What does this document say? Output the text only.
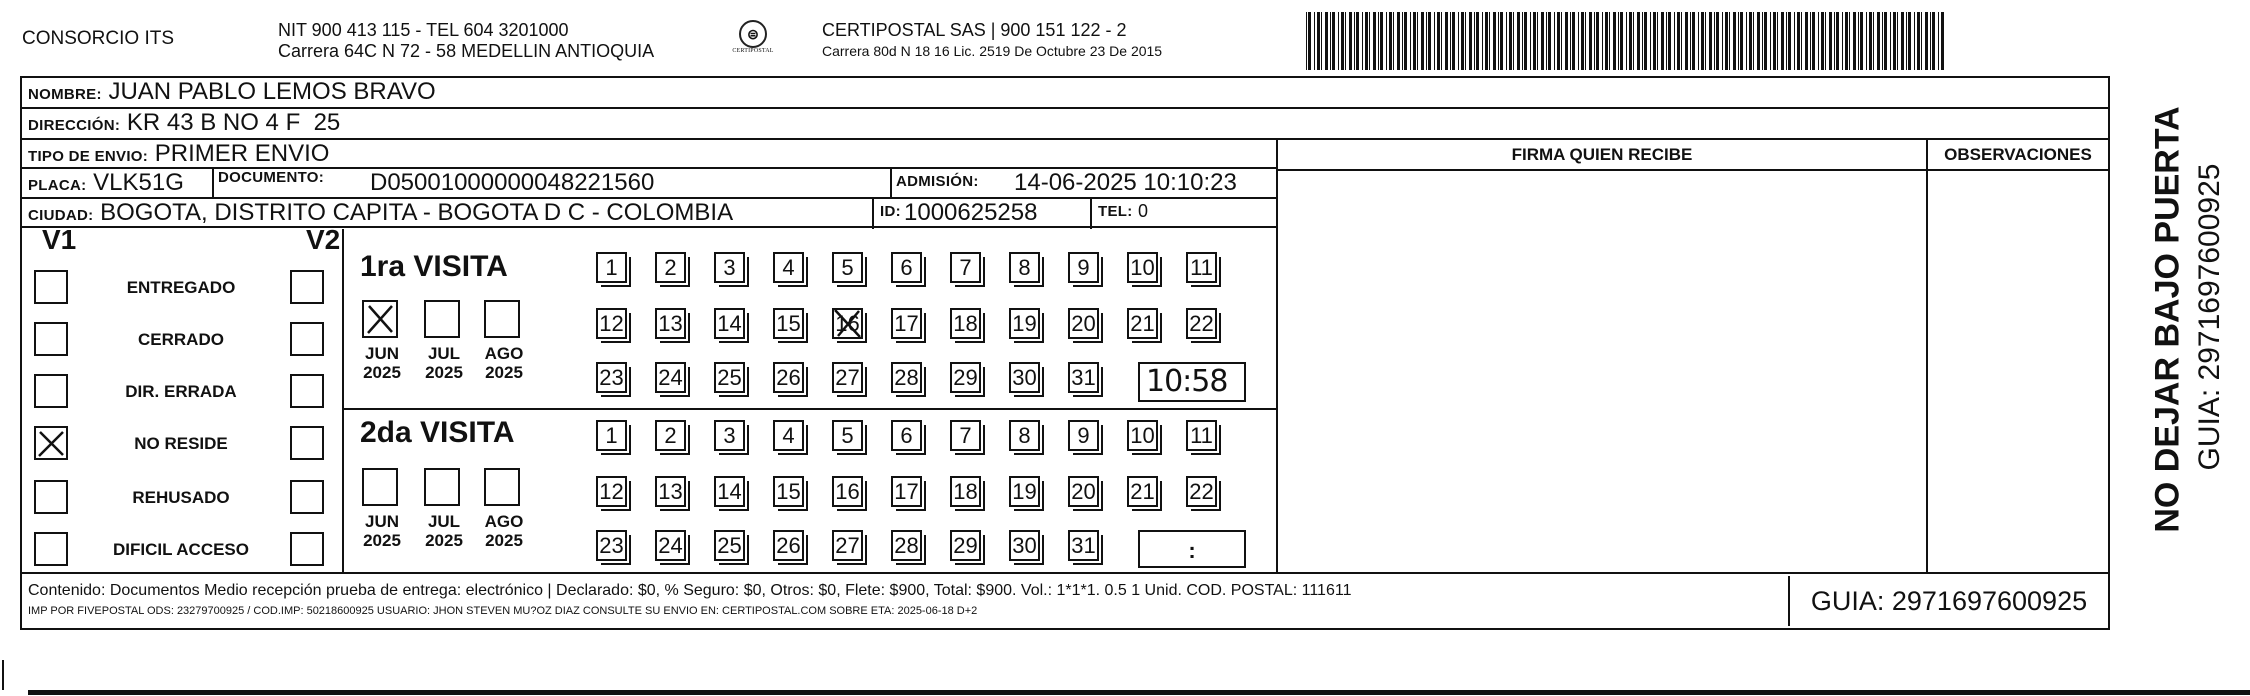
CONSORCIO ITS	NIT 900 413 115 - TEL 604 3201000
Carrera 64C N 72 - 58 MEDELLIN ANTIOQUIA
⊜
CERTIPOSTAL
CERTIPOSTAL SAS | 900 151 122 - 2
Carrera 80d N 18 16 Lic. 2519 De Octubre 23 De 2015
NOMBRE: JUAN PABLO LEMOS BRAVO
DIRECCIÓN: KR 43 B NO 4 F  25
TIPO DE ENVIO: PRIMER ENVIO
PLACA: VLK51G DOCUMENTO: D05001000000048221560	ADMISIÓN: 14-06-2025 10:10:23
CIUDAD: BOGOTA, DISTRITO CAPITA - BOGOTA D C - COLOMBIA	ID: 1000625258	TEL: 0
FIRMA QUIEN RECIBE	OBSERVACIONES
V1	V2
ENTREGADO
CERRADO
DIR. ERRADA
NO RESIDE
REHUSADO
DIFICIL ACCESO
1ra VISITA
JUN
2025
JUL
2025
AGO
2025
1	2	3	4	5	6	7	8	9	10 11
12 13 14 15 16 17 18 19 20 21 22
23 24 25 26 27 28 29 30 31 10:58
2da VISITA
JUN
2025
JUL
2025
AGO
2025
1	2	3	4	5	6	7	8	9	10 11
12 13 14 15 16 17 18 19 20 21 22
23 24 25 26 27 28 29 30 31	:
Contenido: Documentos Medio recepción prueba de entrega: electrónico | Declarado: $0, % Seguro: $0, Otros: $0, Flete: $900, Total: $900. Vol.: 1*1*1. 0.5 1 Unid. COD. POSTAL: 111611
IMP POR FIVEPOSTAL ODS: 23279700925 / COD.IMP: 50218600925 USUARIO: JHON STEVEN MU?OZ DIAZ CONSULTE SU ENVIO EN: CERTIPOSTAL.COM SOBRE ETA: 2025-06-18 D+2	GUIA: 2971697600925
NO DEJAR BAJO PUERTA GUIA: 2971697600925
